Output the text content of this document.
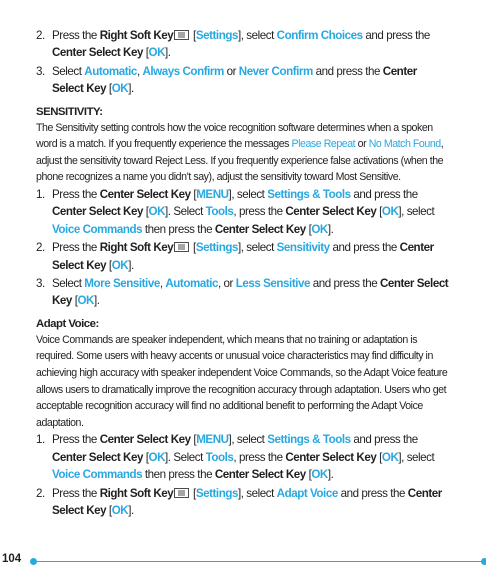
2. Press the Right Soft Key [Settings], select Confirm Choices and press the Center Select Key [OK].
3. Select Automatic, Always Confirm or Never Confirm and press the Center Select Key [OK].
SENSITIVITY:
The Sensitivity setting controls how the voice recognition software determines when a spoken word is a match. If you frequently experience the messages Please Repeat or No Match Found, adjust the sensitivity toward Reject Less. If you frequently experience false activations (when the phone recognizes a name you didn’t say), adjust the sensitivity toward Most Sensitive.
1. Press the Center Select Key [MENU], select Settings & Tools and press the Center Select Key [OK]. Select Tools, press the Center Select Key [OK], select Voice Commands then press the Center Select Key [OK].
2. Press the Right Soft Key [Settings], select Sensitivity and press the Center Select Key [OK].
3. Select More Sensitive, Automatic, or Less Sensitive and press the Center Select Key [OK].
Adapt Voice:
Voice Commands are speaker independent, which means that no training or adaptation is required. Some users with heavy accents or unusual voice characteristics may find difficulty in achieving high accuracy with speaker independent Voice Commands, so the Adapt Voice feature allows users to dramatically improve the recognition accuracy through adaptation. Users who get acceptable recognition accuracy will find no additional benefit to performing the Adapt Voice adaptation.
1. Press the Center Select Key [MENU], select Settings & Tools and press the Center Select Key [OK]. Select Tools, press the Center Select Key [OK], select Voice Commands then press the Center Select Key [OK].
2. Press the Right Soft Key [Settings], select Adapt Voice and press the Center Select Key [OK].
104
